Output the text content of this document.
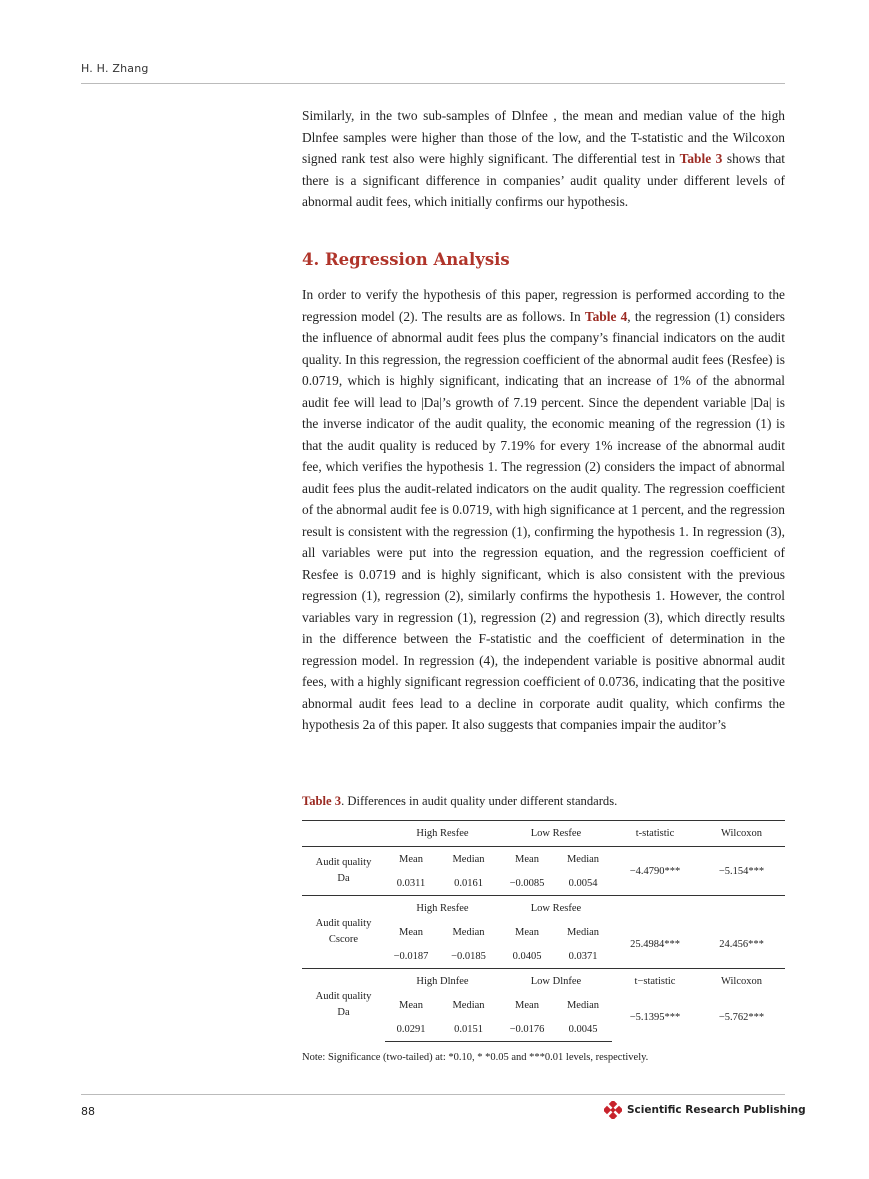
H. H. Zhang

Similarly, in the two sub-samples of Dlnfee , the mean and median value of the high Dlnfee samples were higher than those of the low, and the T-statistic and the Wilcoxon signed rank test also were highly significant. The differential test in Table 3 shows that there is a significant difference in companies’ audit quality under different levels of abnormal audit fees, which initially confirms our hypothesis.

4. Regression Analysis

In order to verify the hypothesis of this paper, regression is performed according to the regression model (2). The results are as follows. In Table 4, the regression (1) considers the influence of abnormal audit fees plus the company’s financial indicators on the audit quality. In this regression, the regression coefficient of the abnormal audit fees (Resfee) is 0.0719, which is highly significant, indicating that an increase of 1% of the abnormal audit fee will lead to |Da|’s growth of 7.19 percent. Since the dependent variable |Da| is the inverse indicator of the audit quality, the economic meaning of the regression (1) is that the audit quality is reduced by 7.19% for every 1% increase of the abnormal audit fee, which verifies the hypothesis 1. The regression (2) considers the impact of abnormal audit fees plus the audit-related indicators on the audit quality. The regression coefficient of the abnormal audit fee is 0.0719, with high significance at 1 percent, and the regression result is consistent with the regression (1), confirming the hypothesis 1. In regression (3), all variables were put into the regression equation, and the regression coefficient of Resfee is 0.0719 and is highly significant, which is also consistent with the previous regression (1), regression (2), similarly confirms the hypothesis 1. However, the control variables vary in regression (1), regression (2) and regression (3), which directly results in the difference between the F-statistic and the coefficient of determination in the regression model. In regression (4), the independent variable is positive abnormal audit fees, with a highly significant regression coefficient of 0.0736, indicating that the positive abnormal audit fees lead to a decline in corporate audit quality, which confirms the hypothesis 2a of this paper. It also suggests that companies impair the auditor’s

Table 3. Differences in audit quality under different standards.
	High Resfee		Low Resfee		t-statistic	Wilcoxon
Audit quality
Da	Mean	Median	Mean	Median	−4.4790***	−5.154***
	0.0311	0.0161	−0.0085	0.0054		
Audit quality
Cscore	High Resfee		Low Resfee			
	Mean	Median	Mean	Median	25.4984***	24.456***
	−0.0187	−0.0185	0.0405	0.0371		
Audit quality
Da	High Dlnfee		Low Dlnfee		t−statistic	Wilcoxon
	Mean	Median	Mean	Median	−5.1395***	−5.762***
	0.0291	0.0151	−0.0176	0.0045		
Note: Significance (two-tailed) at: *0.10, * *0.05 and ***0.01 levels, respectively.
88	Scientific Research Publishing
